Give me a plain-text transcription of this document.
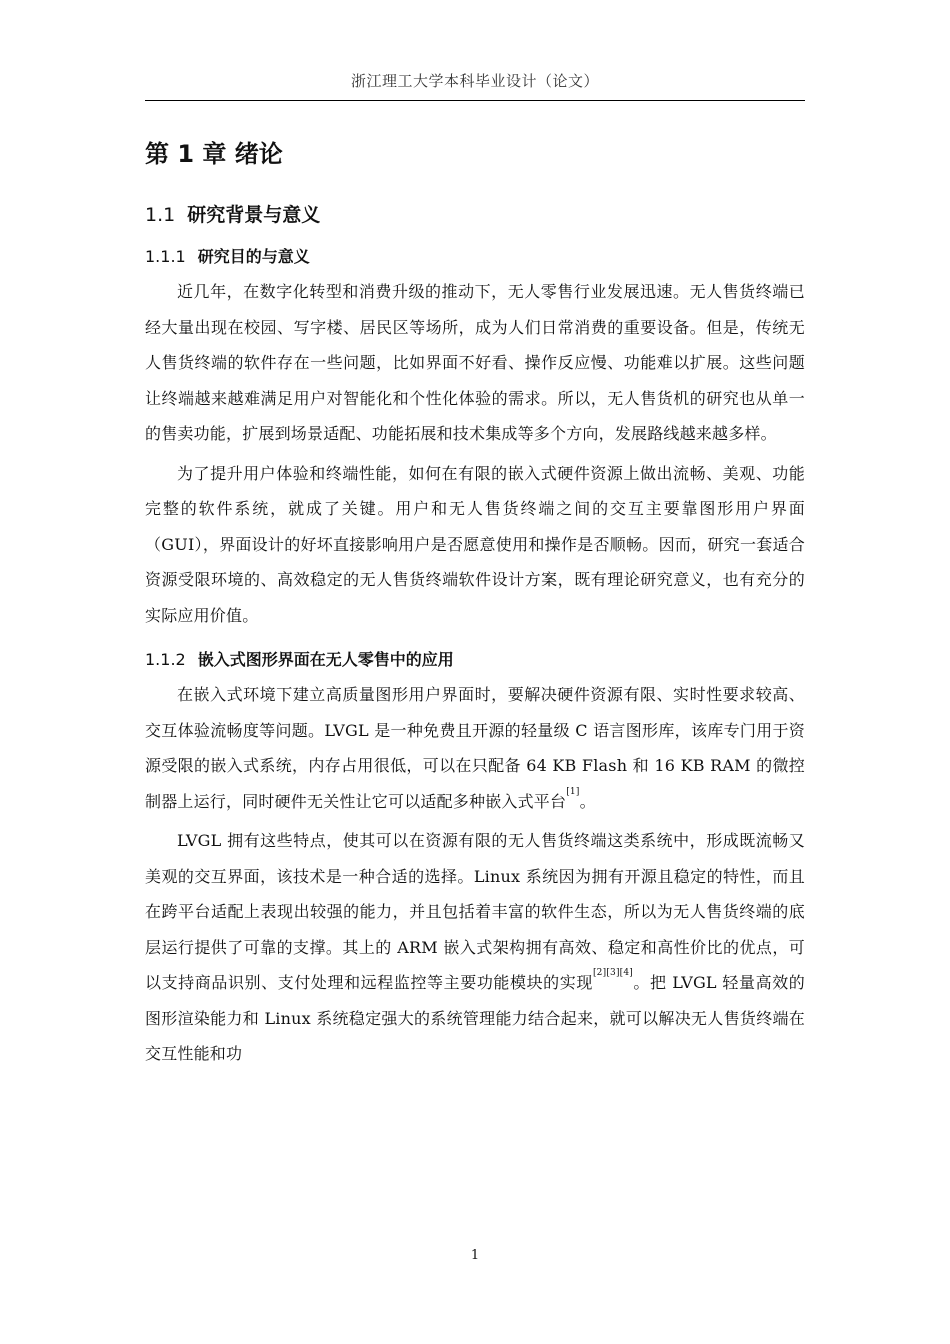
浙江理工大学本科毕业设计（论文）
第 1 章 绪论
1.1 研究背景与意义
1.1.1 研究目的与意义

近几年，在数字化转型和消费升级的推动下，无人零售行业发展迅速。无人售货终端已经大量出现在校园、写字楼、居民区等场所，成为人们日常消费的重要设备。但是，传统无人售货终端的软件存在一些问题，比如界面不好看、操作反应慢、功能难以扩展。这些问题让终端越来越难满足用户对智能化和个性化体验的需求。所以，无人售货机的研究也从单一的售卖功能，扩展到场景适配、功能拓展和技术集成等多个方向，发展路线越来越多样。

为了提升用户体验和终端性能，如何在有限的嵌入式硬件资源上做出流畅、美观、功能完整的软件系统，就成了关键。用户和无人售货终端之间的交互主要靠图形用户界面（GUI），界面设计的好坏直接影响用户是否愿意使用和操作是否顺畅。因而，研究一套适合资源受限环境的、高效稳定的无人售货终端软件设计方案，既有理论研究意义，也有充分的实际应用价值。

1.1.2 嵌入式图形界面在无人零售中的应用

在嵌入式环境下建立高质量图形用户界面时，要解决硬件资源有限、实时性要求较高、交互体验流畅度等问题。LVGL 是一种免费且开源的轻量级 C 语言图形库，该库专门用于资源受限的嵌入式系统，内存占用很低，可以在只配备 64 KB Flash 和 16 KB RAM 的微控制器上运行，同时硬件无关性让它可以适配多种嵌入式平台[1]。

LVGL 拥有这些特点，使其可以在资源有限的无人售货终端这类系统中，形成既流畅又美观的交互界面，该技术是一种合适的选择。Linux 系统因为拥有开源且稳定的特性，而且在跨平台适配上表现出较强的能力，并且包括着丰富的软件生态，所以为无人售货终端的底层运行提供了可靠的支撑。其上的 ARM 嵌入式架构拥有高效、稳定和高性价比的优点，可以支持商品识别、支付处理和远程监控等主要功能模块的实现[2][3][4]。把 LVGL 轻量高效的图形渲染能力和 Linux 系统稳定强大的系统管理能力结合起来，就可以解决无人售货终端在交互性能和功

1
